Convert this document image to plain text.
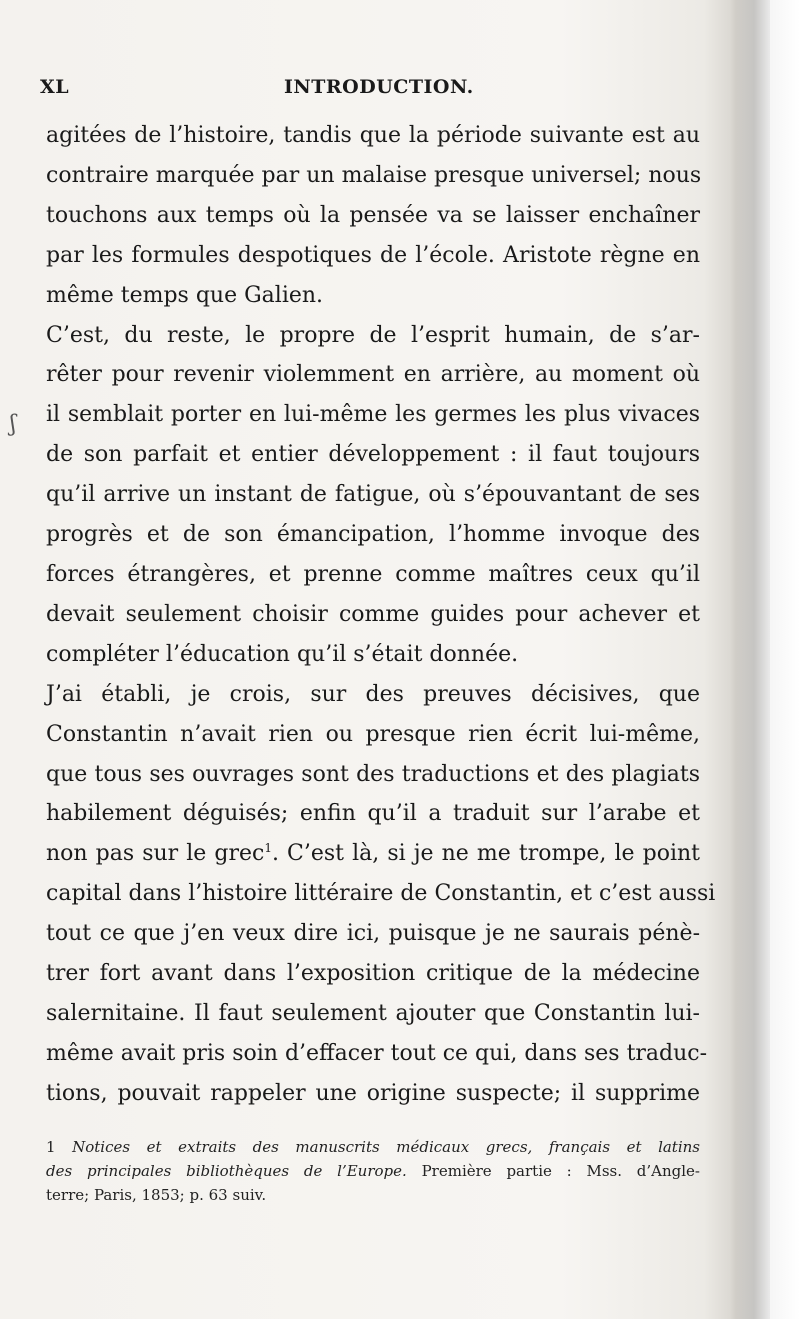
XL	INTRODUCTION.
ʃ

agitées de l’histoire, tandis que la période suivante est au
contraire marquée par un malaise presque universel; nous
touchons aux temps où la pensée va se laisser enchaîner
par les formules despotiques de l’école. Aristote règne en
même temps que Galien.

C’est, du reste, le propre de l’esprit humain, de s’ar-
rêter pour revenir violemment en arrière, au moment où
il semblait porter en lui-même les germes les plus vivaces
de son parfait et entier développement : il faut toujours
qu’il arrive un instant de fatigue, où s’épouvantant de ses
progrès et de son émancipation, l’homme invoque des
forces étrangères, et prenne comme maîtres ceux qu’il
devait seulement choisir comme guides pour achever et
compléter l’éducation qu’il s’était donnée.

J’ai établi, je crois, sur des preuves décisives, que
Constantin n’avait rien ou presque rien écrit lui-même,
que tous ses ouvrages sont des traductions et des plagiats
habilement déguisés; enfin qu’il a traduit sur l’arabe et
non pas sur le grec$^1$. C’est là, si je ne me trompe, le point
capital dans l’histoire littéraire de Constantin, et c’est aussi
tout ce que j’en veux dire ici, puisque je ne saurais pénè-
trer fort avant dans l’exposition critique de la médecine
salernitaine. Il faut seulement ajouter que Constantin lui-
même avait pris soin d’effacer tout ce qui, dans ses traduc-
tions, pouvait rappeler une origine suspecte; il supprime

1 Notices et extraits des manuscrits médicaux grecs, français et latins
des principales bibliothèques de l’Europe. Première partie : Mss. d’Angle-
terre; Paris, 1853; p. 63 suiv.
